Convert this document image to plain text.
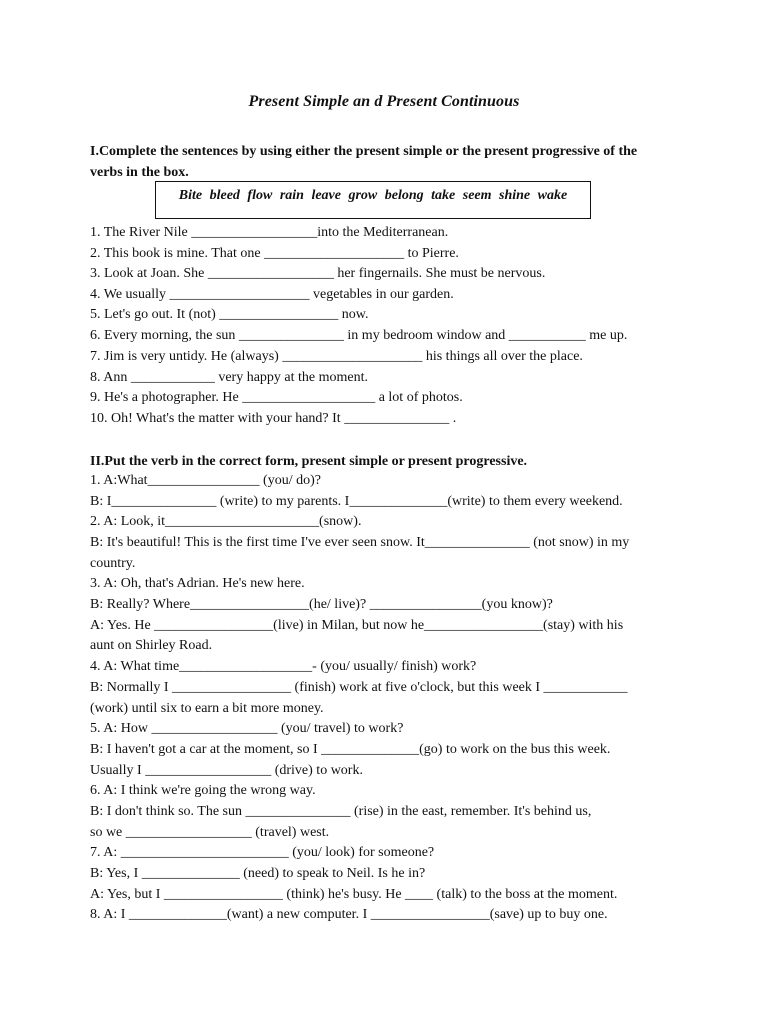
Present Simple an d Present Continuous
I.Complete the sentences by using either the present simple or the present progressive of the
verbs in the box.
Bite bleed flow rain leave grow belong take seem shine wake
1. The River Nile __________________into the Mediterranean.
2. This book is mine. That one ____________________ to Pierre.
3. Look at Joan. She __________________ her fingernails. She must be nervous.
4. We usually ____________________ vegetables in our garden.
5. Let's go out. It (not) _________________ now.
6. Every morning, the sun _______________ in my bedroom window and ___________ me up.
7. Jim is very untidy. He (always) ____________________ his things all over the place.
8. Ann ____________ very happy at the moment.
9. He's a photographer. He ___________________ a lot of photos.
10. Oh! What's the matter with your hand? It _______________ .
II.Put the verb in the correct form, present simple or present progressive.
1. A:What________________ (you/ do)?
B: I_______________ (write) to my parents. I______________(write) to them every weekend.
2. A: Look, it______________________(snow).
B: It's beautiful! This is the first time I've ever seen snow. It_______________ (not snow) in my
country.
3. A: Oh, that's Adrian. He's new here.
B: Really? Where_________________(he/ live)? ________________(you know)?
A: Yes. He _________________(live) in Milan, but now he_________________(stay) with his
aunt on Shirley Road.
4. A: What time___________________- (you/ usually/ finish) work?
B: Normally I _________________ (finish) work at five o'clock, but this week I ____________
(work) until six to earn a bit more money.
5. A: How __________________ (you/ travel) to work?
B: I haven't got a car at the moment, so I ______________(go) to work on the bus this week.
Usually I __________________ (drive) to work.
6. A: I think we're going the wrong way.
B: I don't think so. The sun _______________ (rise) in the east, remember. It's behind us,
so we __________________ (travel) west.
7. A: ________________________ (you/ look) for someone?
B: Yes, I ______________ (need) to speak to Neil. Is he in?
A: Yes, but I _________________ (think) he's busy. He ____ (talk) to the boss at the moment.
8. A: I ______________(want) a new computer. I _________________(save) up to buy one.
